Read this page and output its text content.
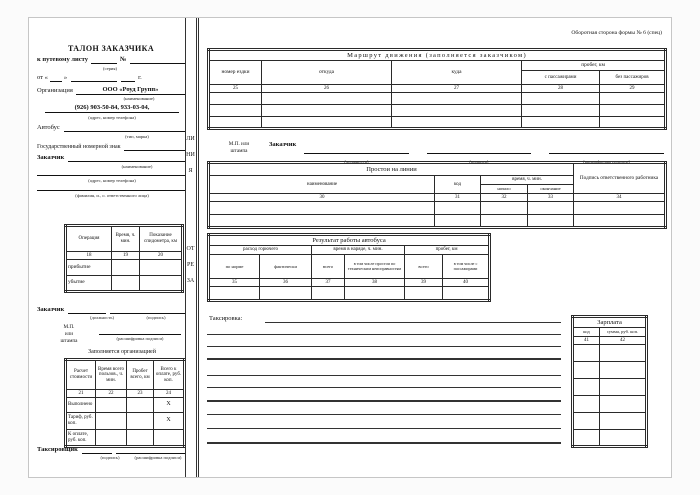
ТАЛОН ЗАКАЗЧИКА
к путевому листу	№
(серия)
от « »	г.
Организация	ООО «Роуд Групп»
(наименование)
(926) 903-50-84, 933-03-04,
(адрес, номер телефона)
Автобус
(тип, марка)
Государственный номерной знак
Заказчик
(наименование)
(адрес, номер телефона)
(фамилия, и., о. ответственного лица)
Операция	Время, ч. мин.	Показание спидометра, км
18	19	20
прибытие		
убытие		
Заказчик
(должность)	(подпись)
М.П.
или
штампа	(расшифровка подписи)
Заполняется организацией
Расчет стоимости	Время всего пользов., ч. мин.	Пробег всего, км	Всего к оплате, руб. коп.
21	22	23	24
Выполнено			X
Тариф, руб. коп.			X
К оплате, руб. коп.			
Таксировщик
(подпись)	(расшифровка подписи)
ЛИНИЯ
ОТРЕЗА
Оборотная сторона формы № 6 (спец)
Маршрут движения (заполняется заказчиком)				
номер ездки	откуда	куда	пробег, км	
			с пассажирами	без пассажиров
25	26	27	28	29

М.П. или
штампа
Заказчик
(должность)	(подпись)	(расшифровка подписи)
Простои на линии				Подпись ответственного работника
наименование	код	время, ч. мин.		
		начало	окончание	
30	31	32	33	34

Результат работы автобуса					
расход горючего		время в наряде, ч. мин.		пробег, км	
по норме	фактически	всего	в том числе простои по техническим неисправностям	всего	в том числе с пассажирами
35	36	37	38	39	40

Таксировка:
Зарплата	
код	сумма, руб. коп.
41	42
